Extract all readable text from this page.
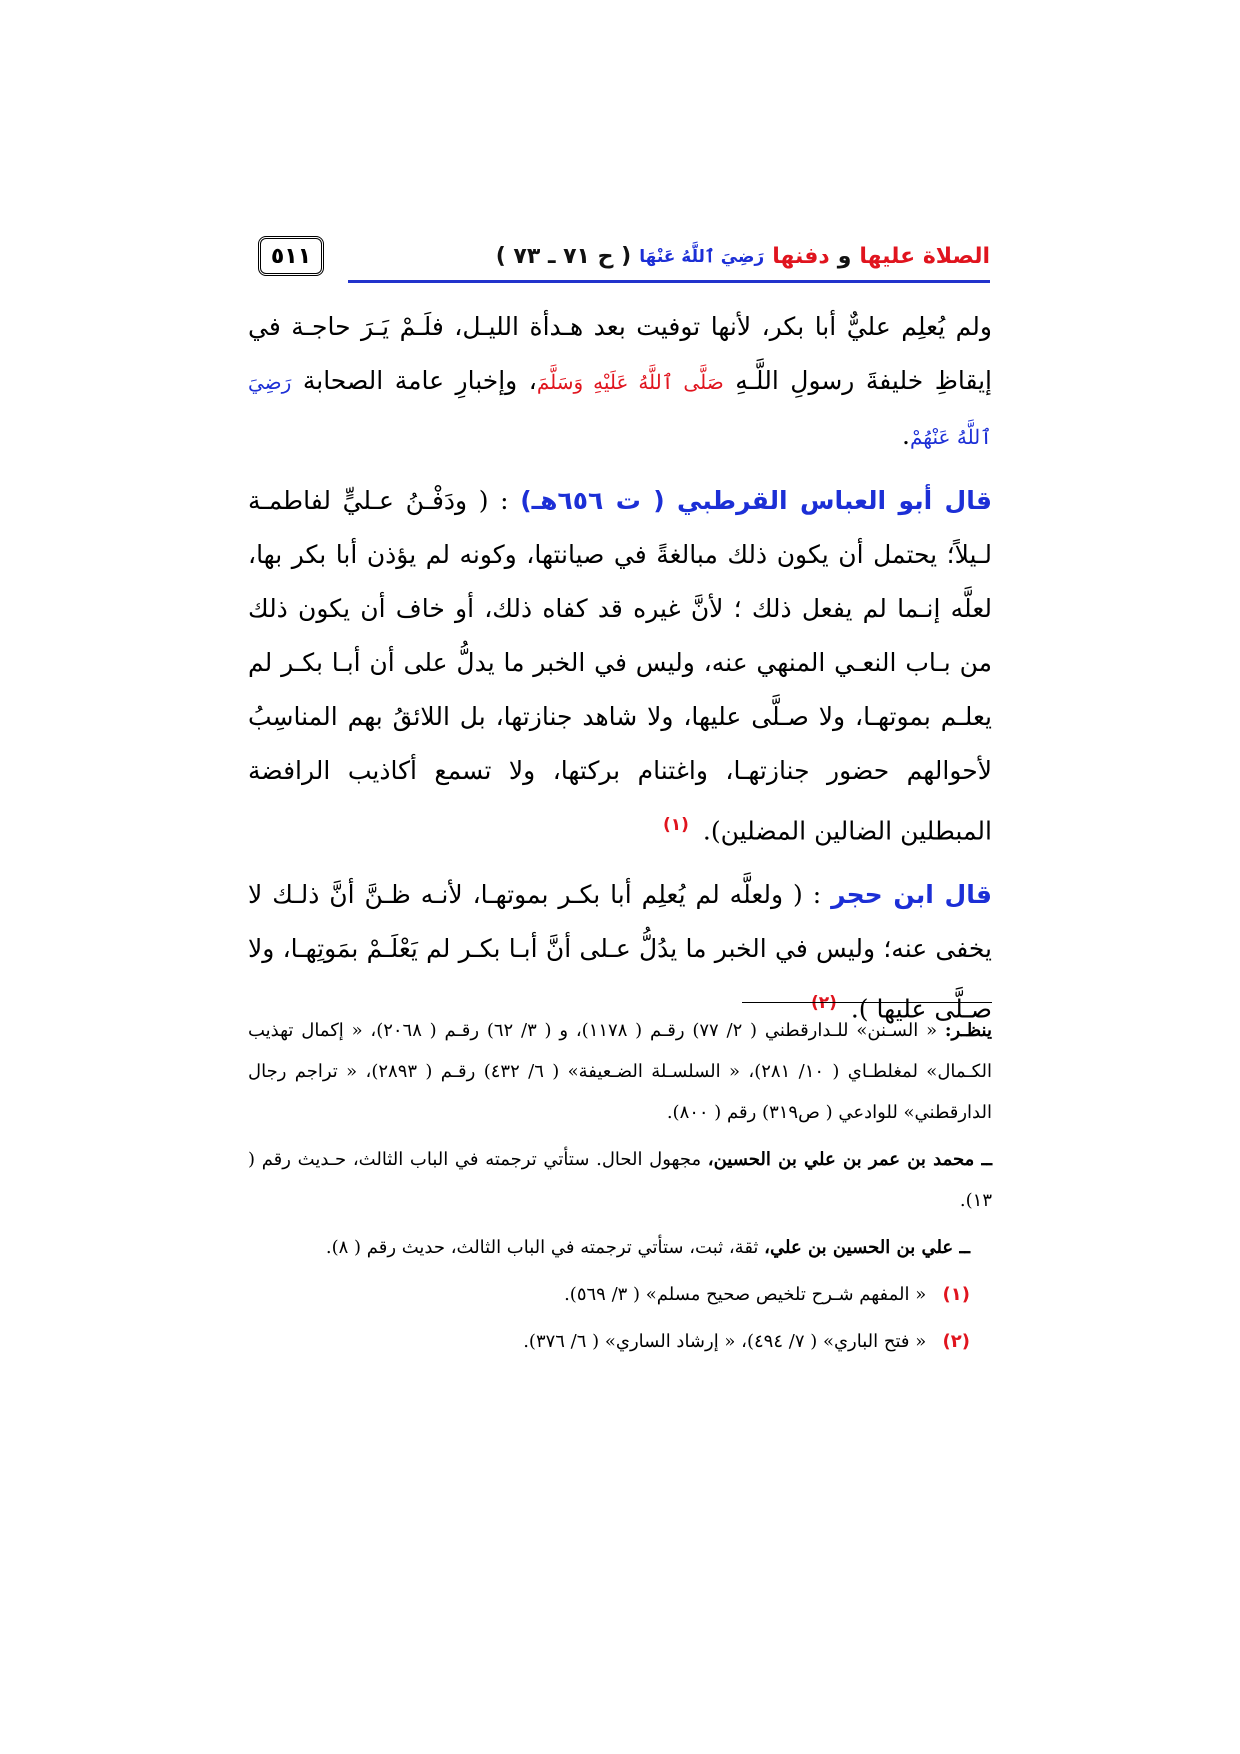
٥١١	الصلاة عليها
و
دفنها
رَضِيَ ٱللَّهُ عَنْهَا
( ح ٧١ ـ ٧٣ )

ولم يُعلِم عليٌّ أبا بكر، لأنها توفيت بعد هـدأة الليـل، فلَـمْ يَـرَ حاجـة في إيقاظِ خليفةَ رسولِ اللَّـهِ صَلَّى ٱللَّهُ عَلَيْهِ وَسَلَّمَ، وإخبارِ عامة الصحابة رَضِيَ ٱللَّهُ عَنْهُمْ.

قال أبو العباس القرطبي ( ت ٦٥٦هـ) : ( ودَفْـنُ عـليٍّ لفاطمـة لـيلاً؛ يحتمل أن يكون ذلك مبالغةً في صيانتها، وكونه لم يؤذن أبا بكر بها، لعلَّه إنـما لم يفعل ذلك ؛ لأنَّ غيره قد كفاه ذلك، أو خاف أن يكون ذلك من بـاب النعـي المنهي عنه، وليس في الخبر ما يدلُّ على أن أبـا بكـر لم يعلـم بموتهـا، ولا صـلَّى عليها، ولا شاهد جنازتها، بل اللائقُ بهم المناسِبُ لأحوالهم حضور جنازتهـا، واغتنام بركتها، ولا تسمع أكاذيب الرافضة المبطلين الضالين المضلين). $^{(١)}$

قال ابن حجر : ( ولعلَّه لم يُعلِم أبا بكـر بموتهـا، لأنـه ظـنَّ أنَّ ذلـك لا يخفى عنه؛ وليس في الخبر ما يدُلُّ عـلى أنَّ أبـا بكـر لم يَعْلَـمْ بمَوتِهـا، ولا صـلَّى عليها ). $^{(٢)}$

ينظـر: « السـنن» للـدارقطني ( ٢/ ٧٧) رقـم ( ١١٧٨)، و ( ٣/ ٦٢) رقـم ( ٢٠٦٨)، « إكمال تهذيب الكـمال» لمغلطـاي ( ١٠/ ٢٨١)، « السلسـلة الضـعيفة» ( ٦/ ٤٣٢) رقـم ( ٢٨٩٣)، « تراجم رجال الدارقطني» للوادعي ( ص٣١٩) رقم ( ٨٠٠).

ــ محمد بن عمر بن علي بن الحسين، مجهول الحال. ستأتي ترجمته في الباب الثالث، حـديث رقم ( ١٣).

ــ علي بن الحسين بن علي، ثقة، ثبت، ستأتي ترجمته في الباب الثالث، حديث رقم ( ٨).

(١) « المفهم شـرح تلخيص صحيح مسلم» ( ٣/ ٥٦٩).

(٢) « فتح الباري» ( ٧/ ٤٩٤)، « إرشاد الساري» ( ٦/ ٣٧٦).
